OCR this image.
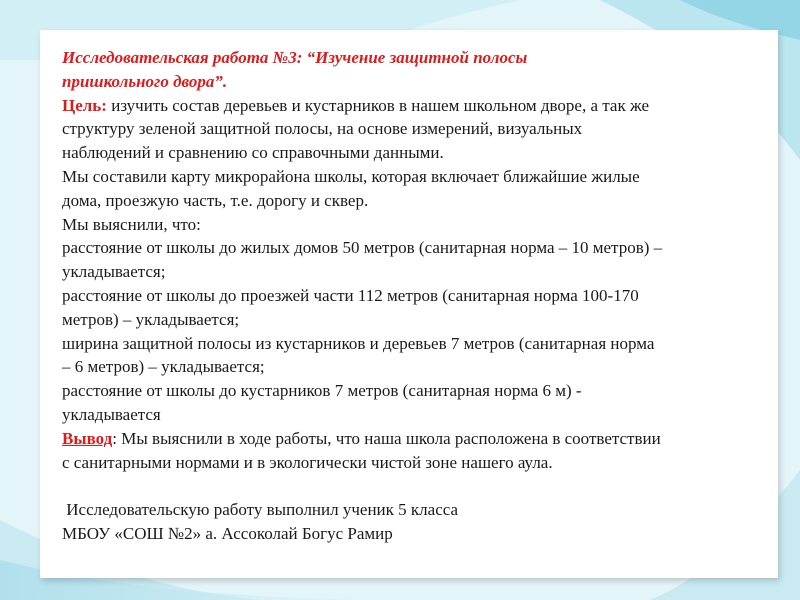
Исследовательская работа №3: “Изучение защитной полосы
пришкольного двора”.
Цель: изучить состав деревьев и кустарников в нашем школьном дворе, а так же
структуру зеленой защитной полосы, на основе измерений, визуальных
наблюдений и сравнению со справочными данными.
Мы составили карту микрорайона школы, которая включает ближайшие жилые
дома, проезжую часть, т.е. дорогу и сквер.
Мы выяснили, что:
расстояние от школы до жилых домов 50 метров (санитарная норма – 10 метров) –
укладывается;
расстояние от школы до проезжей части 112 метров (санитарная норма 100-170
метров) – укладывается;
ширина защитной полосы из кустарников и деревьев 7 метров (санитарная норма
– 6 метров) – укладывается;
расстояние от школы до кустарников 7 метров (санитарная норма 6 м) -
укладывается
Вывод: Мы выяснили в ходе работы, что наша школа расположена в соответствии
с санитарными нормами и в экологически чистой зоне нашего аула.
Исследовательскую работу выполнил ученик 5 класса
МБОУ «СОШ №2» а. Ассоколай Богус Рамир
